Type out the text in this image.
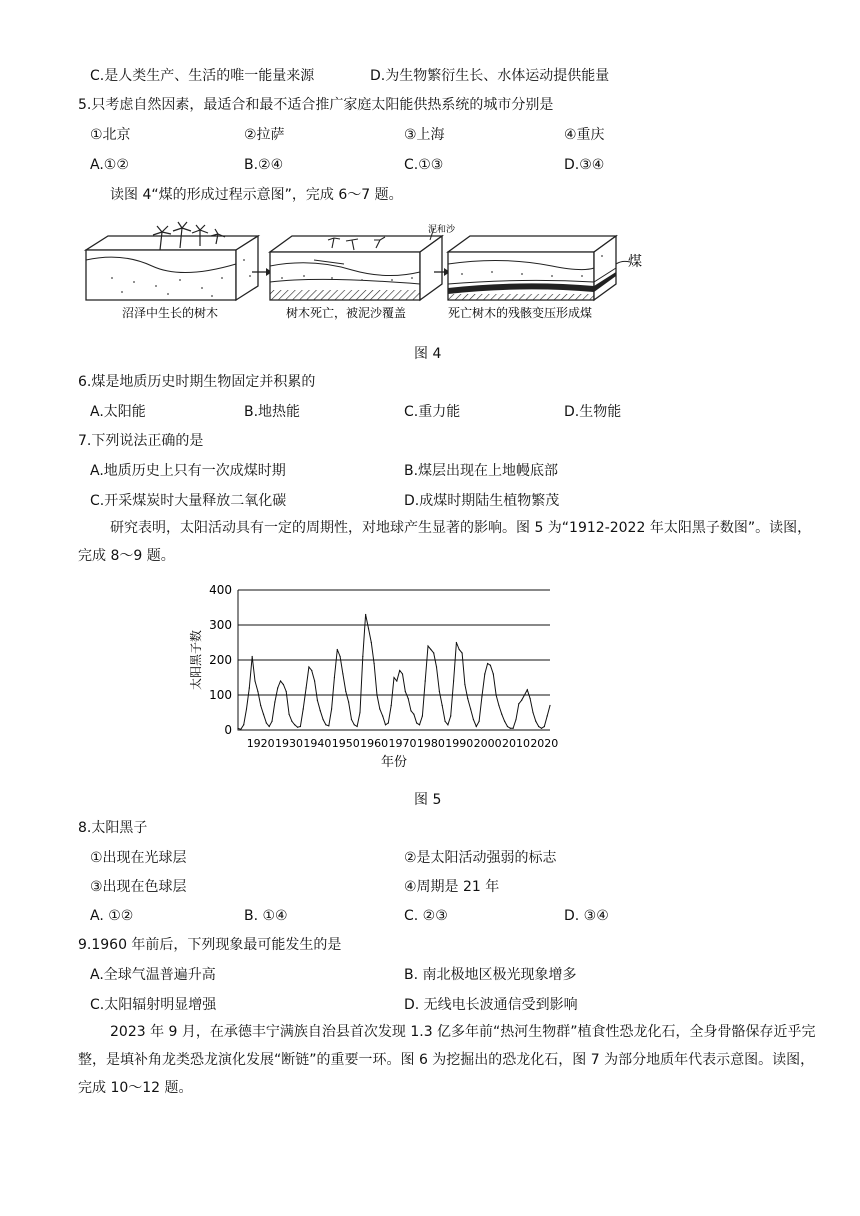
C.是人类生产、生活的唯一能量来源	D.为生物繁衍生长、水体运动提供能量
5.只考虑自然因素，最适合和最不适合推广家庭太阳能供热系统的城市分别是
①北京	②拉萨	③上海	④重庆
A.①②	B.②④	C.①③	D.③④
读图 4“煤的形成过程示意图”，完成 6～7 题。
沼泽中生长的树木
泥和沙
树木死亡，被泥沙覆盖
煤
死亡树木的残骸变压形成煤
图 4
6.煤是地质历史时期生物固定并积累的
A.太阳能	B.地热能	C.重力能	D.生物能
7.下列说法正确的是
A.地质历史上只有一次成煤时期	B.煤层出现在上地幔底部
C.开采煤炭时大量释放二氧化碳	D.成煤时期陆生植物繁茂
研究表明，太阳活动具有一定的周期性，对地球产生显著的影响。图 5 为“1912-2022 年太阳黑子数图”。读图，完成 8～9 题。
0
100
200
300
400
1920 1930 1940 1950 1960 1970 1980 1990 2000 2010 2020
太阳黑子数
年份
图 5
8.太阳黑子
①出现在光球层	②是太阳活动强弱的标志
③出现在色球层	④周期是 21 年
A. ①②	B. ①④	C. ②③	D. ③④
9.1960 年前后，下列现象最可能发生的是
A.全球气温普遍升高	B. 南北极地区极光现象增多
C.太阳辐射明显增强	D. 无线电长波通信受到影响
2023 年 9 月，在承德丰宁满族自治县首次发现 1.3 亿多年前“热河生物群”植食性恐龙化石，全身骨骼保存近乎完整，是填补角龙类恐龙演化发展“断链”的重要一环。图 6 为挖掘出的恐龙化石，图 7 为部分地质年代表示意图。读图，完成 10～12 题。
